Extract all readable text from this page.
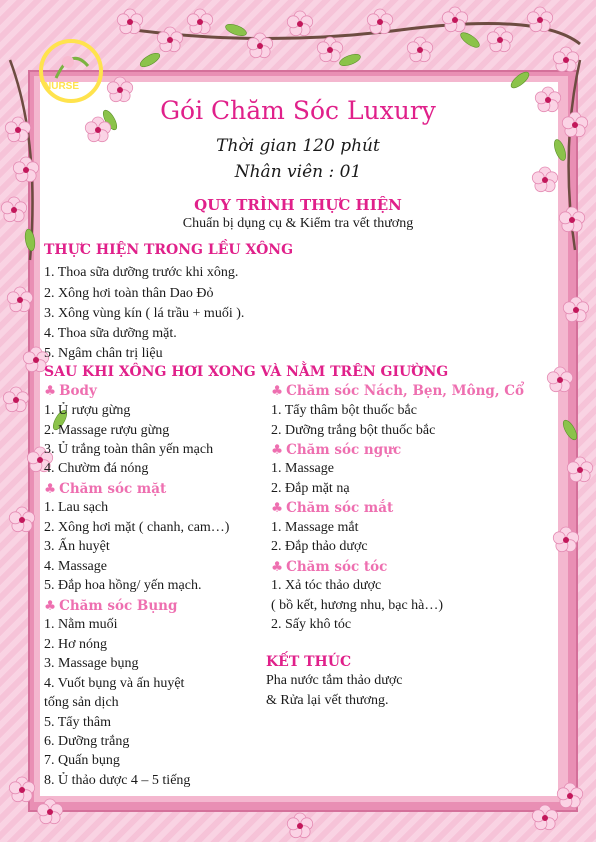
NURSE
Gói Chăm Sóc Luxury
Thời gian 120 phút
Nhân viên : 01
QUY TRÌNH THỰC HIỆN
Chuẩn bị dụng cụ & Kiểm tra vết thương
THỰC HIỆN TRONG LỀU XÔNG
1. Thoa sữa dưỡng trước khi xông.
2. Xông hơi toàn thân Dao Đỏ
3. Xông vùng kín ( lá trầu + muối ).
4. Thoa sữa dưỡng mặt.
5. Ngâm chân trị liệu
SAU KHI XÔNG HƠI XONG VÀ NẰM TRÊN GIƯỜNG
♣ Body
1. Ủ rượu gừng
2. Massage rượu gừng
3. Ủ trắng toàn thân yến mạch
4. Chườm đá nóng
♣ Chăm sóc mặt
1. Lau sạch
2. Xông hơi mặt ( chanh, cam…)
3. Ấn huyệt
4. Massage
5. Đắp hoa hồng/ yến mạch.
♣ Chăm sóc Bụng
1. Nằm muối
2. Hơ nóng
3. Massage bụng
4. Vuốt bụng và ấn huyệt
tống sản dịch
5. Tẩy thâm
6. Dưỡng trắng
7. Quấn bụng
8. Ủ thảo dược 4 – 5 tiếng
♣ Chăm sóc Nách, Bẹn, Mông, Cổ
1. Tẩy thâm bột thuốc bắc
2. Dưỡng trắng bột thuốc bắc
♣ Chăm sóc ngực
1. Massage
2. Đắp mặt nạ
♣ Chăm sóc mắt
1. Massage mắt
2. Đắp thảo dược
♣ Chăm sóc tóc
1. Xả tóc thảo dược
( bồ kết, hương nhu, bạc hà…)
2. Sấy khô tóc
KẾT THÚC
Pha nước tắm thảo dược
& Rửa lại vết thương.
